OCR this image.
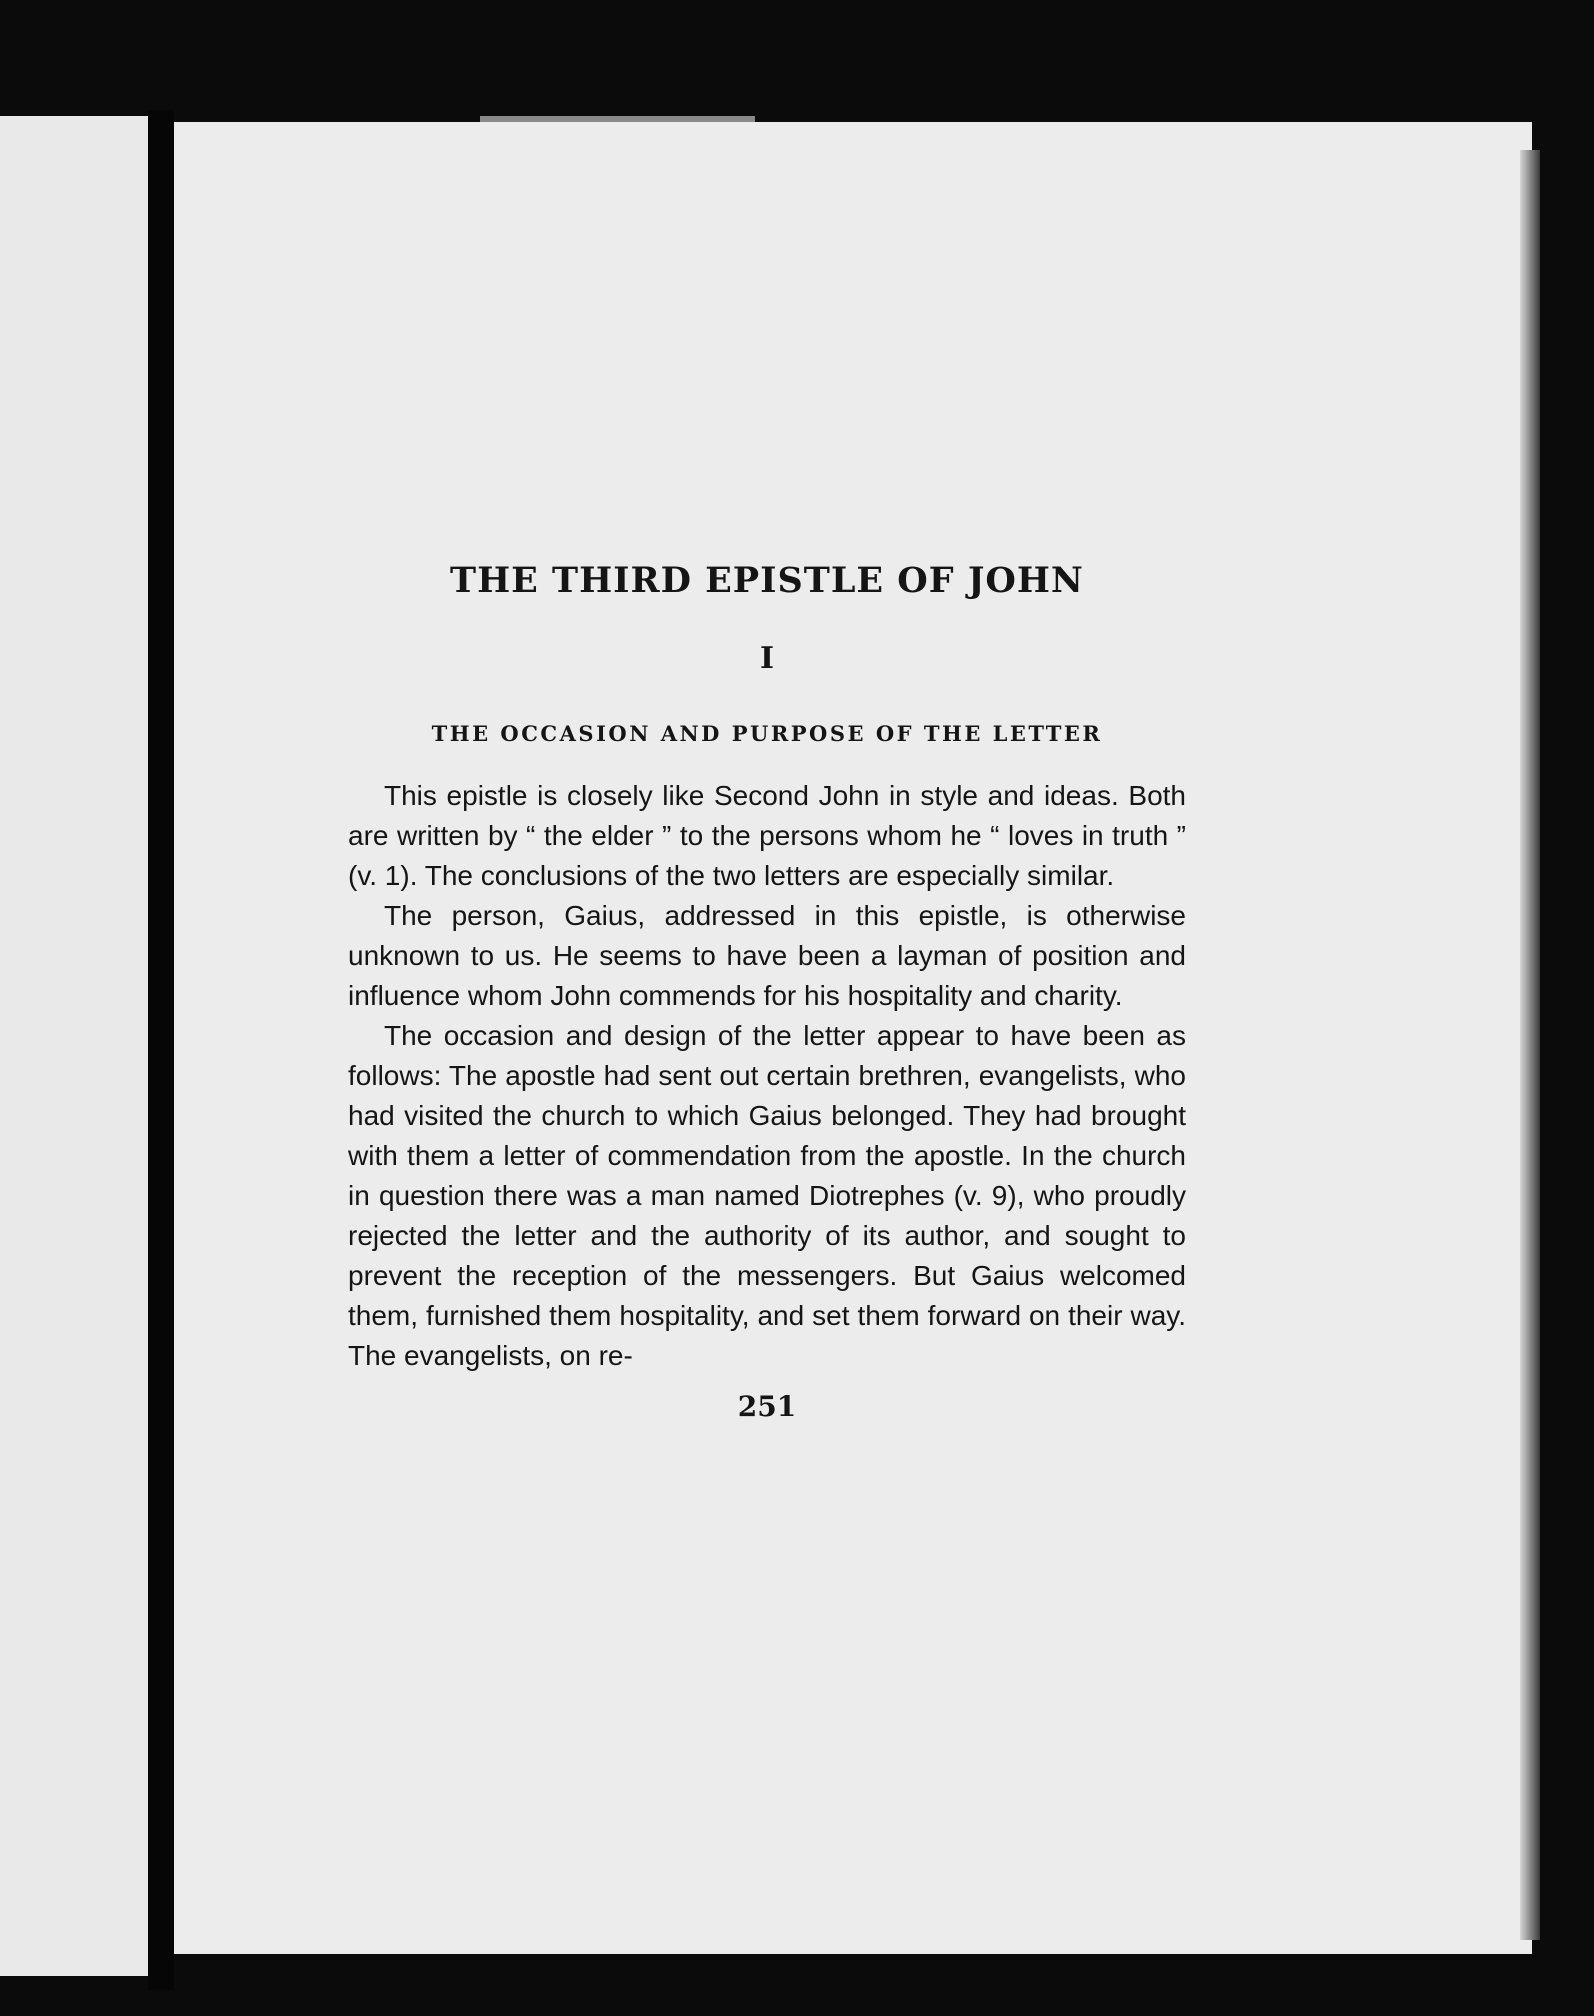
THE THIRD EPISTLE OF JOHN
I
THE OCCASION AND PURPOSE OF THE LETTER

This epistle is closely like Second John in style and ideas. Both are written by “ the elder ” to the persons whom he “ loves in truth ” (v. 1). The conclusions of the two letters are especially similar.

The person, Gaius, addressed in this epistle, is otherwise unknown to us. He seems to have been a layman of position and influence whom John commends for his hospitality and charity.

The occasion and design of the letter appear to have been as follows: The apostle had sent out certain brethren, evangelists, who had visited the church to which Gaius belonged. They had brought with them a letter of commendation from the apostle. In the church in question there was a man named Diotrephes (v. 9), who proudly rejected the letter and the authority of its author, and sought to prevent the reception of the messengers. But Gaius welcomed them, furnished them hospitality, and set them forward on their way. The evangelists, on re-

251
